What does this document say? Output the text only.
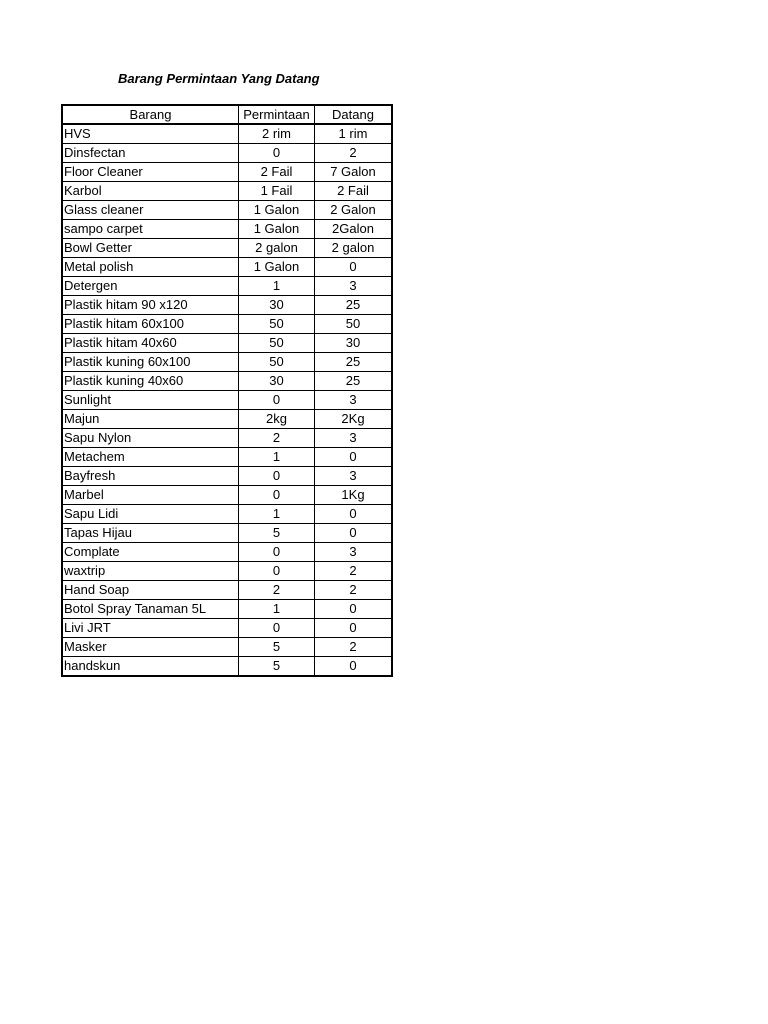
Barang Permintaan Yang Datang
Barang	Permintaan	Datang
HVS	2 rim	1 rim
Dinsfectan	0	2
Floor Cleaner	2 Fail	7 Galon
Karbol	1 Fail	2 Fail
Glass cleaner	1 Galon	2 Galon
sampo carpet	1 Galon	2Galon
Bowl Getter	2 galon	2 galon
Metal polish	1 Galon	0
Detergen	1	3
Plastik hitam 90 x120	30	25
Plastik hitam 60x100	50	50
Plastik hitam 40x60	50	30
Plastik kuning 60x100	50	25
Plastik kuning 40x60	30	25
Sunlight	0	3
Majun	2kg	2Kg
Sapu Nylon	2	3
Metachem	1	0
Bayfresh	0	3
Marbel	0	1Kg
Sapu Lidi	1	0
Tapas Hijau	5	0
Complate	0	3
waxtrip	0	2
Hand Soap	2	2
Botol Spray Tanaman 5L	1	0
Livi JRT	0	0
Masker	5	2
handskun	5	0
